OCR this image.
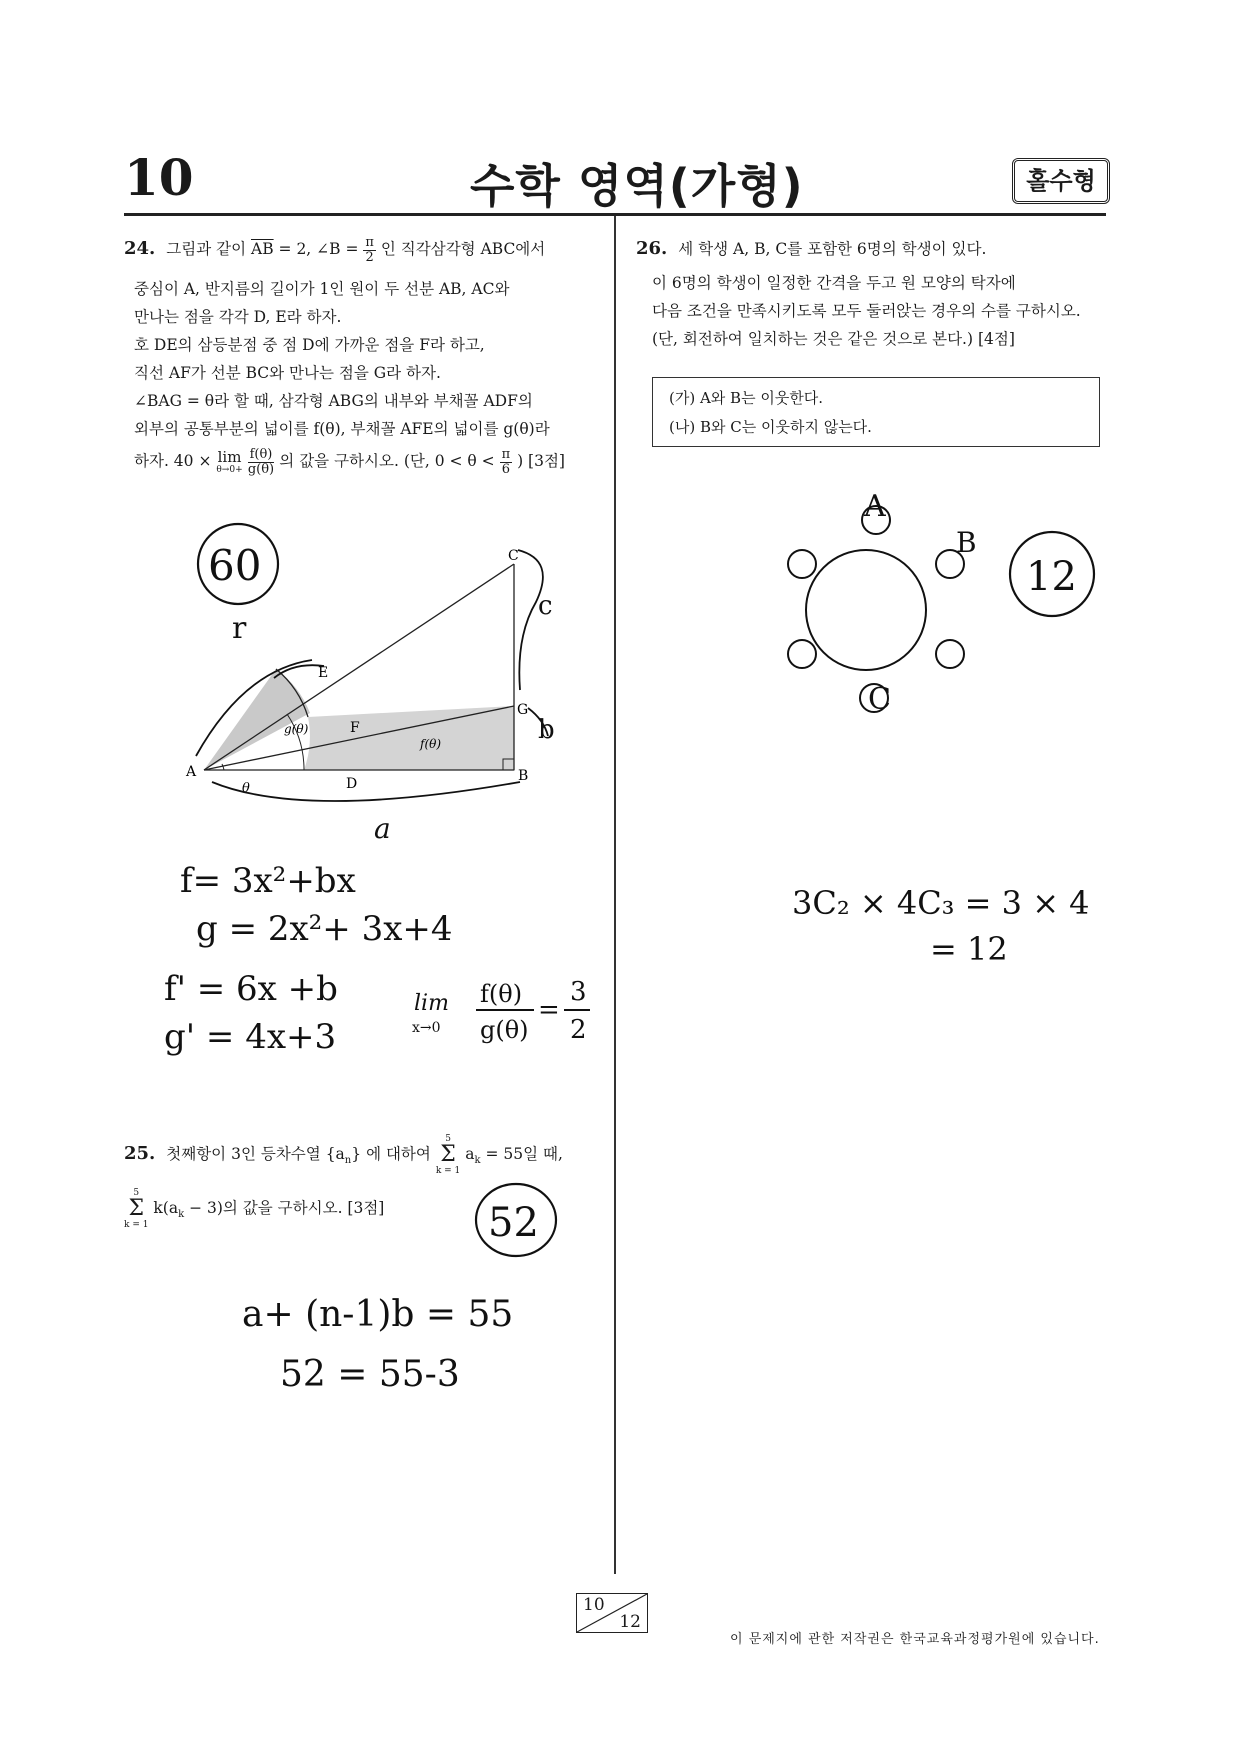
10	수학 영역(가형)	홀수형
24. 그림과 같이 $\overline{AB} = 2$, ∠B = $\frac{\pi}{2}$ 인 직각삼각형 ABC에서
중심이 A, 반지름의 길이가 1인 원이 두 선분 AB, AC와
만나는 점을 각각 D, E라 하자.
호 DE의 삼등분점 중 점 D에 가까운 점을 F라 하고,
직선 AF가 선분 BC와 만나는 점을 G라 하자.
∠BAG = θ라 할 때, 삼각형 ABG의 내부와 부채꼴 ADF의
외부의 공통부분의 넓이를 f(θ), 부채꼴 AFE의 넓이를 g(θ)라
하자. 40 × lim
θ→0+
$\frac{f(\theta)}{g(\theta)}$ 의 값을 구하시오. (단, $0 < \theta < \frac{\pi}{6}$ ) [3점]
60
A	B
C
D
E
F
G
g(θ)
f(θ)
θ
r
c
b
a
f= 3x²+bx
g = 2x²+ 3x+4
f' = 6x +b
g' = 4x+3
lim
x→0
f(θ)
g(θ)
=
3
2
25. 첫째항이 3인 등차수열 $\{a_n\}$ 에 대하여
5
Σ
k = 1
$a_k = 55$일 때,
5
Σ
k = 1
$k(a_k - 3)$의 값을 구하시오. [3점]	52
a+ (n-1)b = 55
52 = 55-3
26. 세 학생 A, B, C를 포함한 6명의 학생이 있다.
이 6명의 학생이 일정한 간격을 두고 원 모양의 탁자에
다음 조건을 만족시키도록 모두 둘러앉는 경우의 수를 구하시오.
(단, 회전하여 일치하는 것은 같은 것으로 본다.) [4점]
(가) A와 B는 이웃한다.
(나) B와 C는 이웃하지 않는다.
A
B
C
12
3C₂ × 4C₃ = 3 × 4
= 12
10
12
이 문제지에 관한 저작권은 한국교육과정평가원에 있습니다.
